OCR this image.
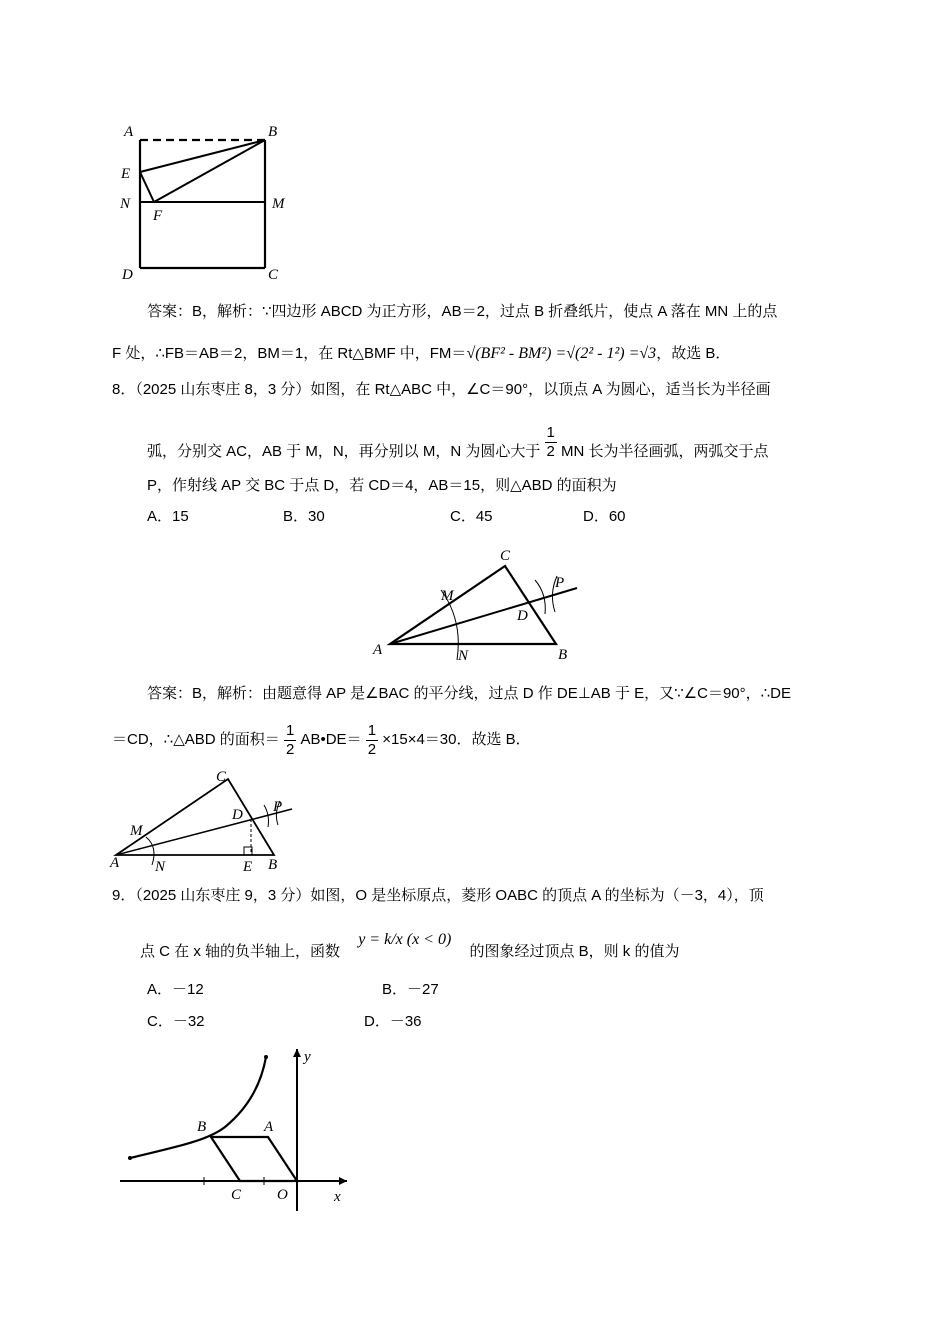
A	B
E
N
F
M
D	C
答案：B，解析：∵四边形 ABCD 为正方形，AB＝2，过点 B 折叠纸片，使点 A 落在 MN 上的点
F 处，∴FB＝AB＝2，BM＝1，在 Rt△BMF 中，FM＝√(BF² - BM²) =√(2² - 1²) =√3，故选 B．
8．（2025 山东枣庄 8，3 分）如图，在 Rt△ABC 中，∠C＝90°，以顶点 A 为圆心，适当长为半径画
弧，分别交 AC，AB 于 M，N，再分别以 M，N 为圆心大于 $\frac{1}{2}$ MN 长为半径画弧，两弧交于点
P，作射线 AP 交 BC 于点 D，若 CD＝4，AB＝15，则△ABD 的面积为
A．15	B．30	C．45	D．60
C
P
M
D
A	N	B
答案：B，解析：由题意得 AP 是∠BAC 的平分线，过点 D 作 DE⊥AB 于 E，又∵∠C＝90°，∴DE
＝CD，∴△ABD 的面积＝ $\frac{1}{2}$ AB•DE＝ $\frac{1}{2} \times 15\times 4=30$．故选 B．
C
D P
M
A N	E B
9．（2025 山东枣庄 9，3 分）如图，O 是坐标原点，菱形 OABC 的顶点 A 的坐标为（－3，4），顶
点 C 在 x 轴的负半轴上，函数 y = k/x (x < 0) 的图象经过顶点 B，则 k 的值为
A．－12	B．－27
C．－32	D．－36
y
B	A
C O	x
